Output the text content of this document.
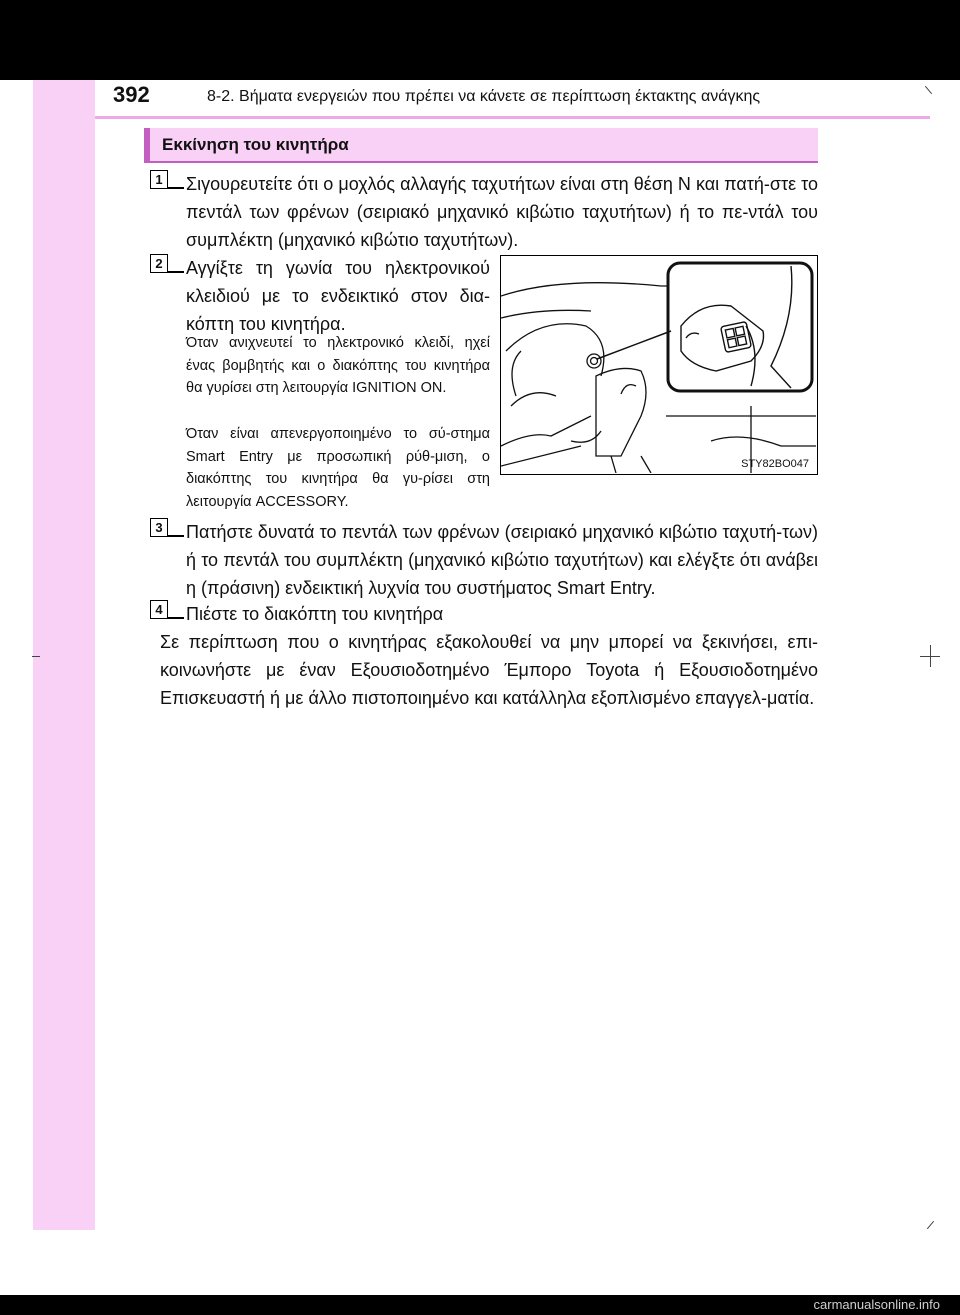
392	8-2. Βήματα ενεργειών που πρέπει να κάνετε σε περίπτωση έκτακτης ανάγκης
Εκκίνηση του κινητήρα
1 Σιγουρευτείτε ότι ο μοχλός αλλαγής ταχυτήτων είναι στη θέση N και πατή-στε το πεντάλ των φρένων (σειριακό μηχανικό κιβώτιο ταχυτήτων) ή το πε-ντάλ του συμπλέκτη (μηχανικό κιβώτιο ταχυτήτων).
2 Αγγίξτε τη γωνία του ηλεκτρονικού κλειδιού με το ενδεικτικό στον δια-κόπτη του κινητήρα.
Όταν ανιχνευτεί το ηλεκτρονικό κλειδί, ηχεί ένας βομβητής και ο διακόπτης του κινητήρα θα γυρίσει στη λειτουργία IGNITION ON.
Όταν είναι απενεργοποιημένο το σύ-στημα Smart Entry με προσωπική ρύθ-μιση, ο διακόπτης του κινητήρα θα γυ-ρίσει στη λειτουργία ACCESSORY.
STY82BO047
3 Πατήστε δυνατά το πεντάλ των φρένων (σειριακό μηχανικό κιβώτιο ταχυτή-των) ή το πεντάλ του συμπλέκτη (μηχανικό κιβώτιο ταχυτήτων) και ελέγξτε ότι ανάβει η (πράσινη) ενδεικτική λυχνία του συστήματος Smart Entry.
4 Πιέστε το διακόπτη του κινητήρα
Σε περίπτωση που ο κινητήρας εξακολουθεί να μην μπορεί να ξεκινήσει, επι-κοινωνήστε με έναν Εξουσιοδοτημένο Έμπορο Toyota ή Εξουσιοδοτημένο Επισκευαστή ή με άλλο πιστοποιημένο και κατάλληλα εξοπλισμένο επαγγελ-ματία.
carmanualsonline.info
